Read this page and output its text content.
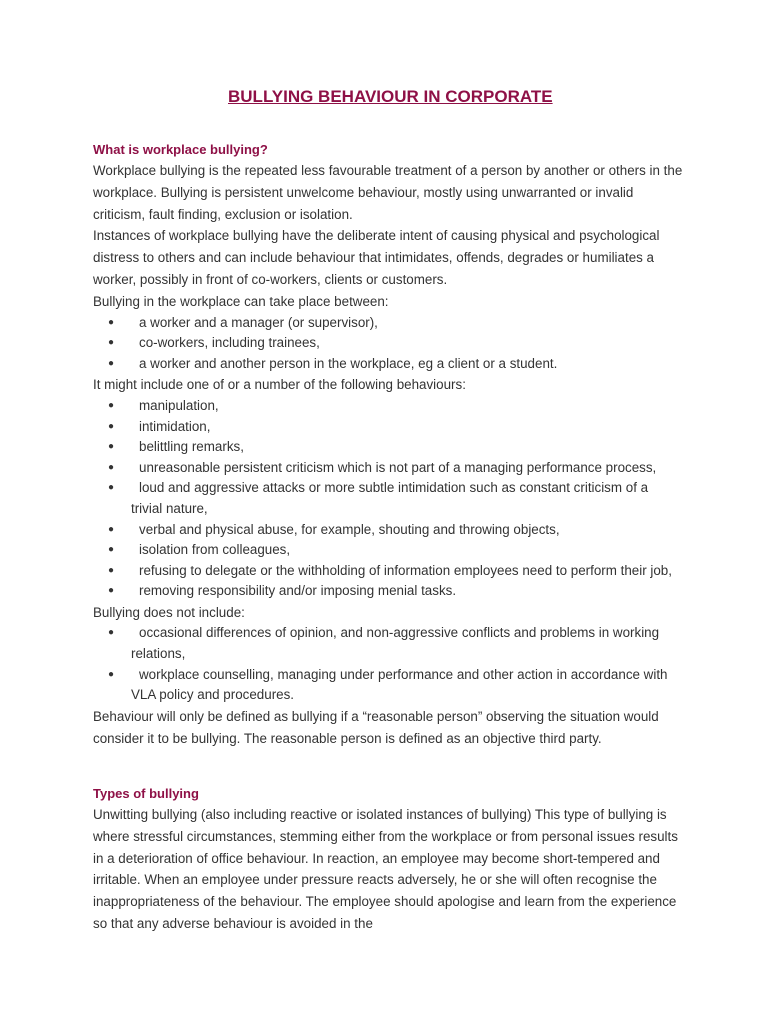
BULLYING BEHAVIOUR IN CORPORATE
What is workplace bullying?

Workplace bullying is the repeated less favourable treatment of a person by another or others in the workplace. Bullying is persistent unwelcome behaviour, mostly using unwarranted or invalid criticism, fault finding, exclusion or isolation.

Instances of workplace bullying have the deliberate intent of causing physical and psychological distress to others and can include behaviour that intimidates, offends, degrades or humiliates a worker, possibly in front of co-workers, clients or customers.

Bullying in the workplace can take place between:

● a worker and a manager (or supervisor),
● co-workers, including trainees,
● a worker and another person in the workplace, eg a client or a student.

It might include one of or a number of the following behaviours:

● manipulation,
● intimidation,
● belittling remarks,
● unreasonable persistent criticism which is not part of a managing performance process,
● loud and aggressive attacks or more subtle intimidation such as constant criticism of a trivial nature,
● verbal and physical abuse, for example, shouting and throwing objects,
● isolation from colleagues,
● refusing to delegate or the withholding of information employees need to perform their job,
● removing responsibility and/or imposing menial tasks.

Bullying does not include:

● occasional differences of opinion, and non-aggressive conflicts and problems in working relations,
● workplace counselling, managing under performance and other action in accordance with VLA policy and procedures.

Behaviour will only be defined as bullying if a “reasonable person” observing the situation would consider it to be bullying. The reasonable person is defined as an objective third party.

Types of bullying

Unwitting bullying (also including reactive or isolated instances of bullying) This type of bullying is where stressful circumstances, stemming either from the workplace or from personal issues results in a deterioration of office behaviour. In reaction, an employee may become short-tempered and irritable. When an employee under pressure reacts adversely, he or she will often recognise the inappropriateness of the behaviour. The employee should apologise and learn from the experience so that any adverse behaviour is avoided in the
